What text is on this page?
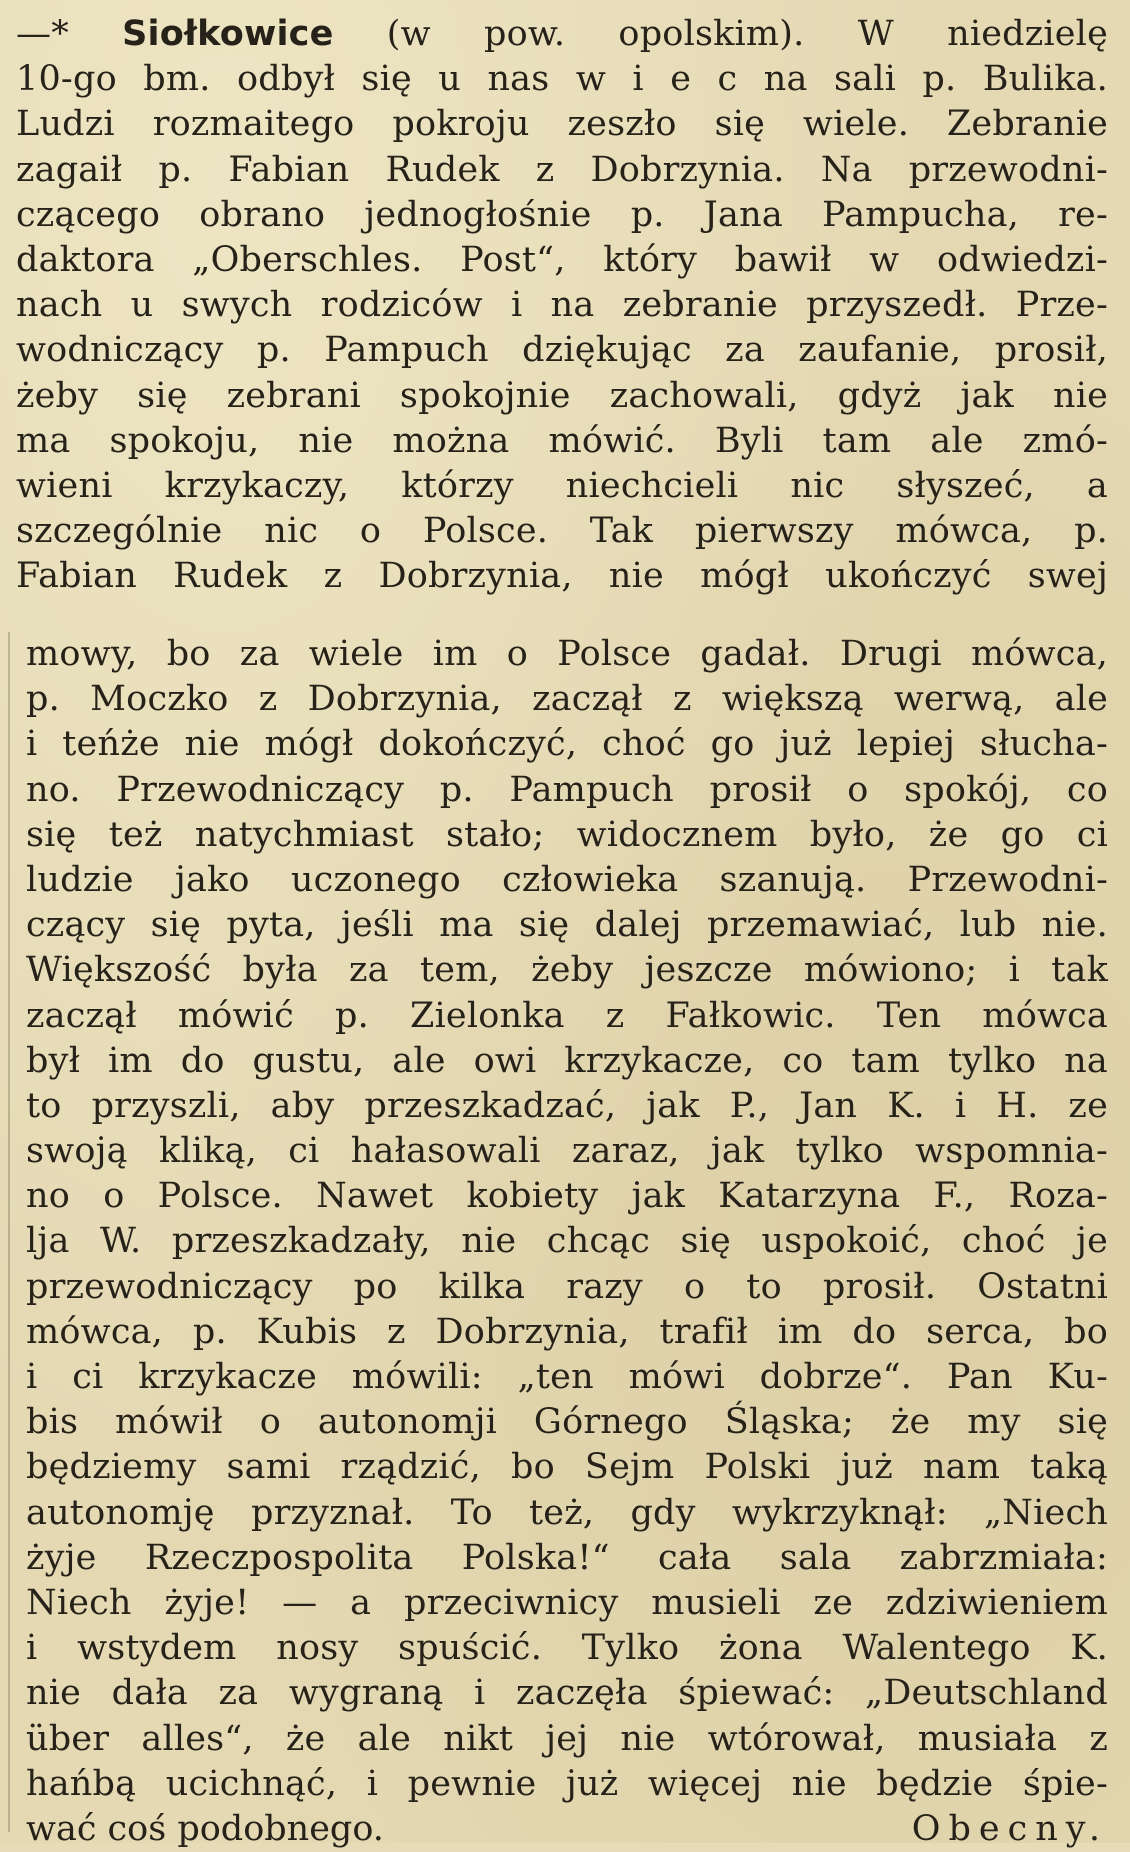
—* Siołkowice (w pow. opolskim). W niedzielę
10-go bm. odbył się u nas w i e c na sali p. Bulika.
Ludzi rozmaitego pokroju zeszło się wiele. Zebranie
zagaił p. Fabian Rudek z Dobrzynia. Na przewodni-
czącego obrano jednogłośnie p. Jana Pampucha, re-
daktora „Oberschles. Post“, który bawił w odwiedzi-
nach u swych rodziców i na zebranie przyszedł. Prze-
wodniczący p. Pampuch dziękując za zaufanie, prosił,
żeby się zebrani spokojnie zachowali, gdyż jak nie
ma spokoju, nie można mówić. Byli tam ale zmó-
wieni krzykaczy, którzy niechcieli nic słyszeć, a
szczególnie nic o Polsce. Tak pierwszy mówca, p.
Fabian Rudek z Dobrzynia, nie mógł ukończyć swej
mowy, bo za wiele im o Polsce gadał. Drugi mówca,
p. Moczko z Dobrzynia, zaczął z większą werwą, ale
i teńże nie mógł dokończyć, choć go już lepiej słucha-
no. Przewodniczący p. Pampuch prosił o spokój, co
się też natychmiast stało; widocznem było, że go ci
ludzie jako uczonego człowieka szanują. Przewodni-
czący się pyta, jeśli ma się dalej przemawiać, lub nie.
Większość była za tem, żeby jeszcze mówiono; i tak
zaczął mówić p. Zielonka z Fałkowic. Ten mówca
był im do gustu, ale owi krzykacze, co tam tylko na
to przyszli, aby przeszkadzać, jak P., Jan K. i H. ze
swoją kliką, ci hałasowali zaraz, jak tylko wspomnia-
no o Polsce. Nawet kobiety jak Katarzyna F., Roza-
lja W. przeszkadzały, nie chcąc się uspokoić, choć je
przewodniczący po kilka razy o to prosił. Ostatni
mówca, p. Kubis z Dobrzynia, trafił im do serca, bo
i ci krzykacze mówili: „ten mówi dobrze“. Pan Ku-
bis mówił o autonomji Górnego Śląska; że my się
będziemy sami rządzić, bo Sejm Polski już nam taką
autonomję przyznał. To też, gdy wykrzyknął: „Niech
żyje Rzeczpospolita Polska!“ cała sala zabrzmiała:
Niech żyje! — a przeciwnicy musieli ze zdziwieniem
i wstydem nosy spuścić. Tylko żona Walentego K.
nie dała za wygraną i zaczęła śpiewać: „Deutschland
über alles“, że ale nikt jej nie wtórował, musiała z
hańbą ucichnąć, i pewnie już więcej nie będzie śpie-
wać coś podobnego.	Obecny.
